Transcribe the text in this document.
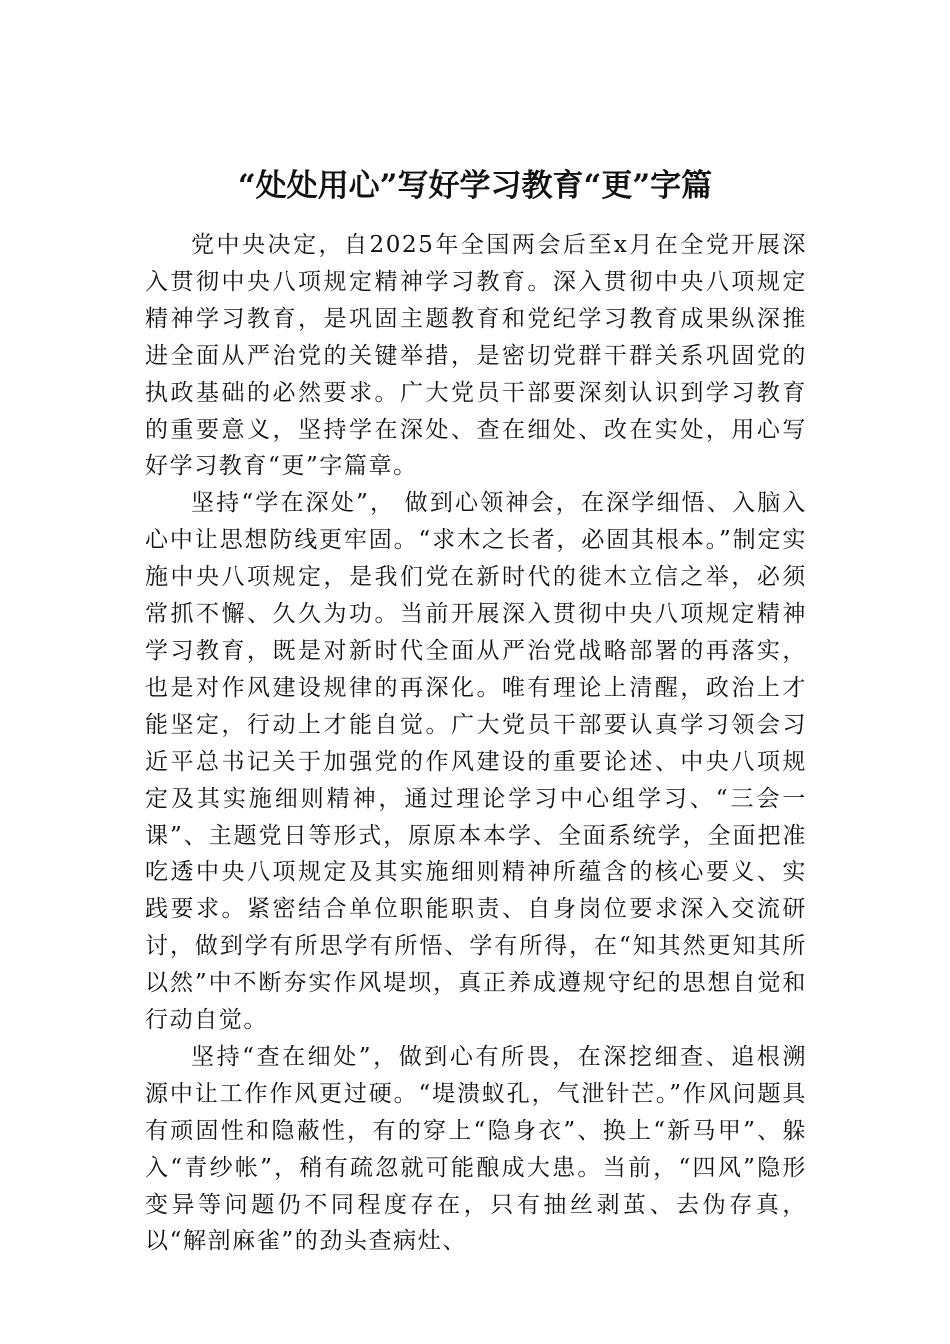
“处处用心”写好学习教育“更”字篇

党中央决定，自2025年全国两会后至x月在全党开展深入贯彻中央八项规定精神学习教育。深入贯彻中央八项规定精神学习教育，是巩固主题教育和党纪学习教育成果纵深推进全面从严治党的关键举措，是密切党群干群关系巩固党的执政基础的必然要求。广大党员干部要深刻认识到学习教育的重要意义，坚持学在深处、查在细处、改在实处，用心写好学习教育“更”字篇章。

坚持“学在深处”， 做到心领神会，在深学细悟、入脑入心中让思想防线更牢固。“求木之长者，必固其根本。”制定实施中央八项规定，是我们党在新时代的徙木立信之举，必须常抓不懈、久久为功。当前开展深入贯彻中央八项规定精神学习教育，既是对新时代全面从严治党战略部署的再落实，也是对作风建设规律的再深化。唯有理论上清醒，政治上才能坚定，行动上才能自觉。广大党员干部要认真学习领会习近平总书记关于加强党的作风建设的重要论述、中央八项规定及其实施细则精神，通过理论学习中心组学习、“三会一课”、主题党日等形式，原原本本学、全面系统学，全面把准吃透中央八项规定及其实施细则精神所蕴含的核心要义、实践要求。紧密结合单位职能职责、自身岗位要求深入交流研讨，做到学有所思学有所悟、学有所得，在“知其然更知其所以然”中不断夯实作风堤坝，真正养成遵规守纪的思想自觉和行动自觉。

坚持“查在细处”，做到心有所畏，在深挖细查、追根溯源中让工作作风更过硬。“堤溃蚁孔，气泄针芒。”作风问题具有顽固性和隐蔽性，有的穿上“隐身衣”、换上“新马甲”、躲入“青纱帐”，稍有疏忽就可能酿成大患。当前，“四风”隐形变异等问题仍不同程度存在，只有抽丝剥茧、去伪存真，以“解剖麻雀”的劲头查病灶、
